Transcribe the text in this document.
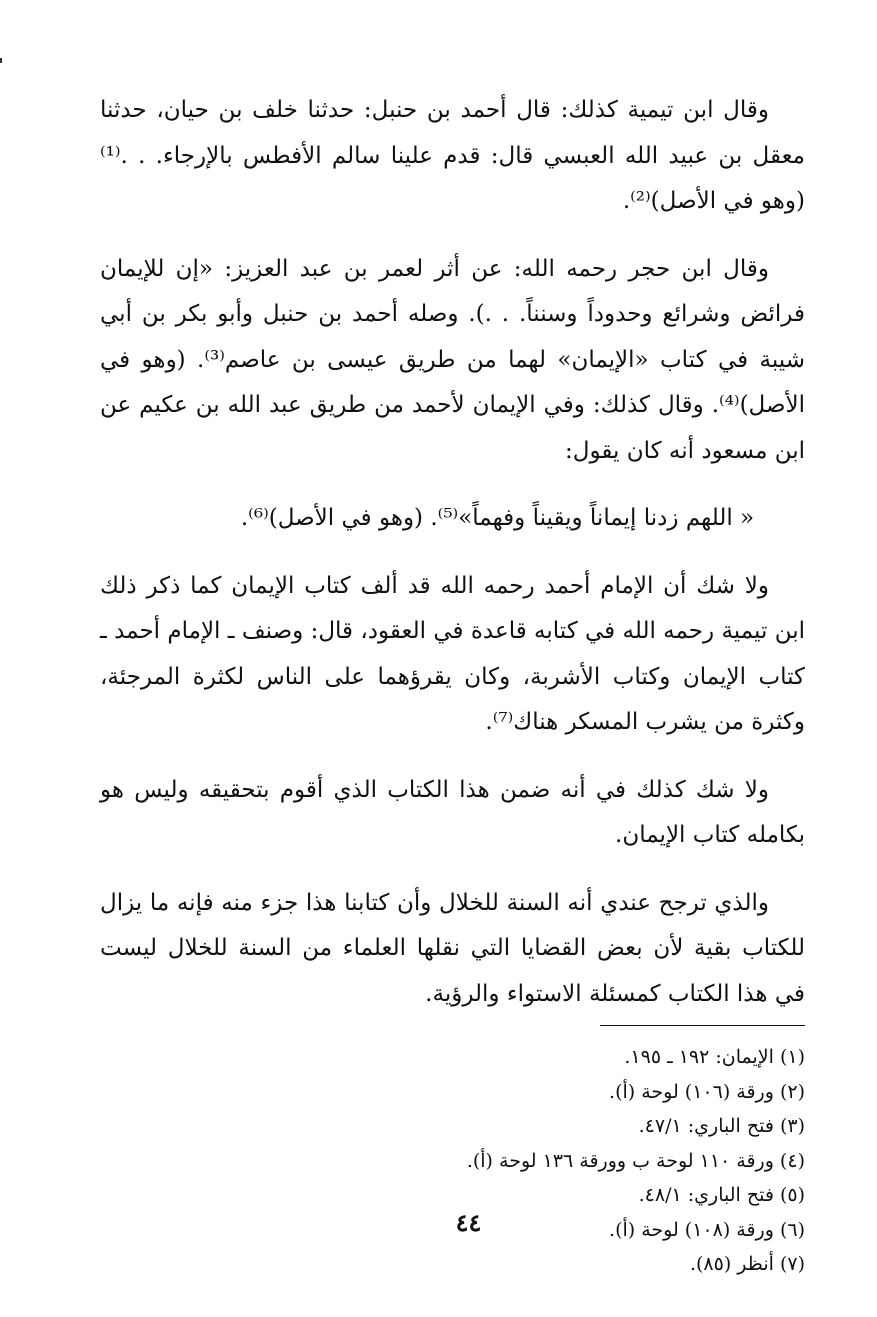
وقال ابن تيمية كذلك: قال أحمد بن حنبل: حدثنا خلف بن حيان، حدثنا معقل بن عبيد الله العبسي قال: قدم علينا سالم الأفطس بالإرجاء. . .⁽¹⁾ (وهو في الأصل)⁽²⁾.

وقال ابن حجر رحمه الله: عن أثر لعمر بن عبد العزيز: «إن للإيمان فرائض وشرائع وحدوداً وسنناً. . .). وصله أحمد بن حنبل وأبو بكر بن أبي شيبة في كتاب «الإيمان» لهما من طريق عيسى بن عاصم⁽³⁾. (وهو في الأصل)⁽⁴⁾. وقال كذلك: وفي الإيمان لأحمد من طريق عبد الله بن عكيم عن ابن مسعود أنه كان يقول:

« اللهم زدنا إيماناً ويقيناً وفهماً»⁽⁵⁾. (وهو في الأصل)⁽⁶⁾.

ولا شك أن الإمام أحمد رحمه الله قد ألف كتاب الإيمان كما ذكر ذلك ابن تيمية رحمه الله في كتابه قاعدة في العقود، قال: وصنف ـ الإمام أحمد ـ كتاب الإيمان وكتاب الأشربة، وكان يقرؤهما على الناس لكثرة المرجئة، وكثرة من يشرب المسكر هناك⁽⁷⁾.

ولا شك كذلك في أنه ضمن هذا الكتاب الذي أقوم بتحقيقه وليس هو بكامله كتاب الإيمان.

والذي ترجح عندي أنه السنة للخلال وأن كتابنا هذا جزء منه فإنه ما يزال للكتاب بقية لأن بعض القضايا التي نقلها العلماء من السنة للخلال ليست في هذا الكتاب كمسئلة الاستواء والرؤية.

(١) الإيمان: ١٩٢ ـ ١٩٥.
(٢) ورقة (١٠٦) لوحة (أ).
(٣) فتح الباري: ٤٧/١.
(٤) ورقة ١١٠ لوحة ب وورقة ١٣٦ لوحة (أ).
(٥) فتح الباري: ٤٨/١.
(٦) ورقة (١٠٨) لوحة (أ).
(٧) أنظر (٨٥).
٤٤
